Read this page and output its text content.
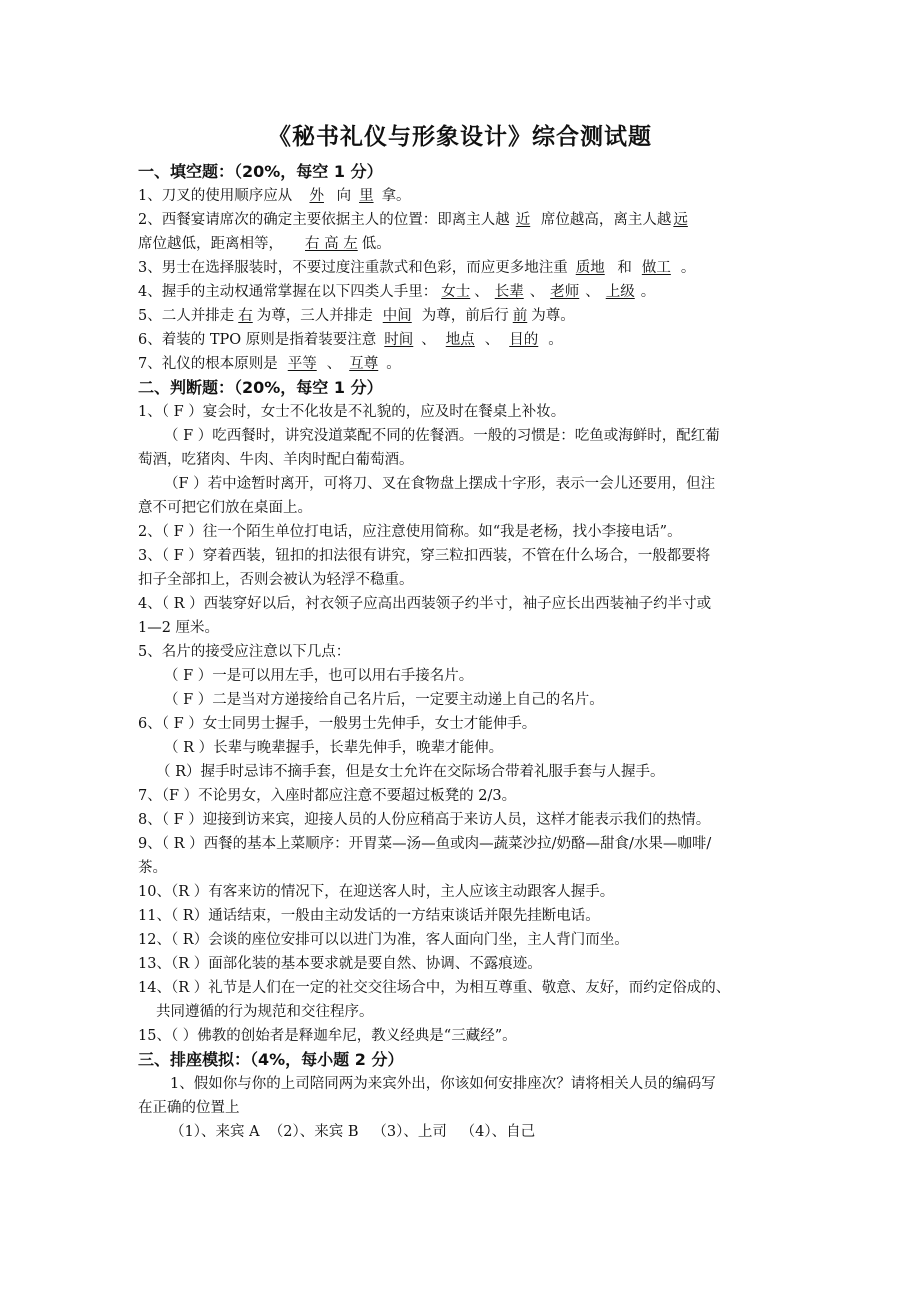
《秘书礼仪与形象设计》综合测试题
一、填空题：（20%，每空 1 分）
1、刀叉的使用顺序应从 外 向 里 拿。
2、西餐宴请席次的确定主要依据主人的位置：即离主人越 近 席位越高，离主人越 远
席位越低，距离相等， 右 高 左 低。
3、男士在选择服装时，不要过度注重款式和色彩，而应更多地注重 质地 和 做工 。
4、握手的主动权通常掌握在以下四类人手里： 女士 、 长辈 、 老师 、 上级 。
5、二人并排走 右 为尊，三人并排走 中间 为尊，前后行 前 为尊。
6、着装的 TPO 原则是指着装要注意 时间 、 地点 、 目的 。
7、礼仪的根本原则是 平等 、 互尊 。
二、判断题：（20%，每空 1 分）
1、（ F ）宴会时，女士不化妆是不礼貌的，应及时在餐桌上补妆。
（ F ）吃西餐时，讲究没道菜配不同的佐餐酒。一般的习惯是：吃鱼或海鲜时，配红葡
萄酒，吃猪肉、牛肉、羊肉时配白葡萄酒。
（F ）若中途暂时离开，可将刀、叉在食物盘上摆成十字形，表示一会儿还要用，但注
意不可把它们放在桌面上。
2、（ F ）往一个陌生单位打电话，应注意使用简称。如“我是老杨，找小李接电话”。
3、（ F ）穿着西装，钮扣的扣法很有讲究，穿三粒扣西装，不管在什么场合，一般都要将
扣子全部扣上，否则会被认为轻浮不稳重。
4、（ R ）西装穿好以后，衬衣领子应高出西装领子约半寸，袖子应长出西装袖子约半寸或
1—2 厘米。
5、名片的接受应注意以下几点：
（ F ）一是可以用左手，也可以用右手接名片。
（ F ）二是当对方递接给自己名片后，一定要主动递上自己的名片。
6、（ F ）女士同男士握手，一般男士先伸手，女士才能伸手。
（ R ）长辈与晚辈握手，长辈先伸手，晚辈才能伸。
（ R）握手时忌讳不摘手套，但是女士允许在交际场合带着礼服手套与人握手。
7、（F ）不论男女，入座时都应注意不要超过板凳的 2/3。
8、（ F ）迎接到访来宾，迎接人员的人份应稍高于来访人员，这样才能表示我们的热情。
9、（ R ）西餐的基本上菜顺序：开胃菜—汤—鱼或肉—蔬菜沙拉/奶酪—甜食/水果—咖啡/
茶。
10、（R ）有客来访的情况下，在迎送客人时，主人应该主动跟客人握手。
11、（ R）通话结束，一般由主动发话的一方结束谈话并限先挂断电话。
12、（ R）会谈的座位安排可以以进门为准，客人面向门坐，主人背门而坐。
13、（R ）面部化装的基本要求就是要自然、协调、不露痕迹。
14、（R ）礼节是人们在一定的社交交往场合中，为相互尊重、敬意、友好，而约定俗成的、
共同遵循的行为规范和交往程序。
15、（ ）佛教的创始者是释迦牟尼，教义经典是“三藏经”。
三、排座模拟：（4%，每小题 2 分）
1、假如你与你的上司陪同两为来宾外出，你该如何安排座次？请将相关人员的编码写
在正确的位置上
（1）、来宾 A  （2）、来宾 B   （3）、上司   （4）、自己
